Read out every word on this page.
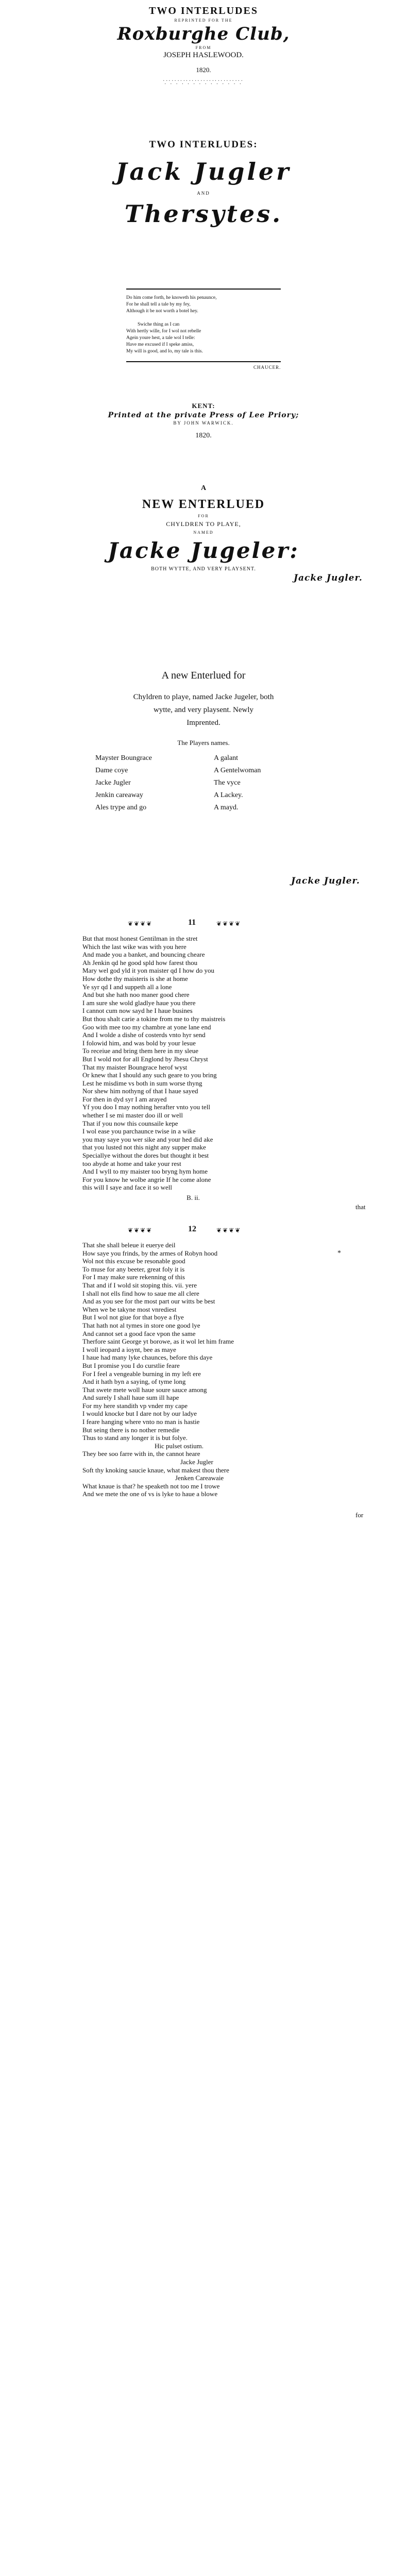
TWO INTERLUDES
REPRINTED FOR THE
Roxburghe Club,
FROM
JOSEPH HASLEWOOD.
1820.
⸪⸪⸪⸪⸪⸪⸪⸪⸪⸪⸪⸪⸪⸪
TWO INTERLUDES:
Jack Jugler
AND
Thersytes.
Do him come forth, he knoweth his penaunce,
For he shall tell a tale by my fey,
Although it be not worth a botel hey.

Swiche thing as I can
With hertly wille, for I wol not rebelle
Agein youre hest, a tale wol I telle:
Have me excused if I speke amiss,
My will is good, and lo, my tale is this.
CHAUCER.
KENT:
Printed at the private Press of Lee Priory;
BY JOHN WARWICK.
1820.
A
NEW ENTERLUED
FOR
CHYLDREN TO PLAYE,
NAMED
Jacke Jugeler:
BOTH WYTTE, AND VERY PLAYSENT.
Jacke Jugler.
A new Enterlued for
Chyldren to playe, named Jacke Jugeler, both
wytte, and very playsent. Newly
Imprented.
The Players names.
Mayster Boungrace	A galant
Dame coye	A Gentelwoman
Jacke Jugler	The vyce
Jenkin careaway	A Lackey.
Ales trype and go	A mayd.
Jacke Jugler.
❦❦❦❦	11	❦❦❦❦
But that most honest Gentilman in the stret
Which the last wike was with you here
And made you a banket, and bouncing cheare
Ah Jenkin qd he good spld how farest thou
Mary wel god yld it yon maister qd I how do you
How dothe thy maisteris is she at home
Ye syr qd I and suppeth all a lone
And but she hath noo maner good chere
I am sure she wold gladlye haue you there
I cannot cum now sayd he I haue busines
But thou shalt carie a tokine from me to thy maistreis
Goo with mee too my chambre at yone lane end
And I wolde a dishe of costerds vnto hyr send
I folowid him, and was bold by your lesue
To receiue and bring them here in my sleue
But I wold not for all Englond by Jhesu Chryst
That my maister Boungrace herof wyst
Or knew that I should any such geare to you bring
Lest he misdime vs both in sum worse thyng
Nor shew him nothyng of that I haue sayed
For then in dyd syr I am arayed
Yf you doo I may nothing herafter vnto you tell
whether I se mi master doo ill or well
That if you now this counsaile kepe
I wol ease you parchaunce twise in a wike
you may saye you wer sike and your hed did ake
that you lusted not this night any supper make
Speciallye without the dores but thought it best
too abyde at home and take your rest
And I wyll to my maister too bryng hym home
For you know he wolbe angrie If he come alone
this will I saye and face it so well
B. ii.
that
❦❦❦❦	12	❦❦❦❦
That she shall beleue it euerye deil
How saye you frinds, by the armes of Robyn hood
Wol not this excuse be resonable good
To muse for any beeter, great foly it is
For I may make sure rekenning of this
That and if I wold sit stoping this. vii. yere
I shall not ells find how to saue me all clere
And as you see for the most part our witts be best
When we be takyne most vnrediest
But I wol not giue for that boye a flye
That hath not al tymes in store one good lye
And cannot set a good face vpon the same
Therfore saint George yt borowe, as it wol let him frame
I woll ieopard a ioynt, bee as maye
I haue had many lyke chaunces, before this daye
But I promise you I do curstlie feare
For I feel a vengeable burning in my left ere
And it hath byn a saying, of tyme long
That swete mete woll haue soure sauce among
And surely I shall haue sum ill hape
For my here standith vp vnder my cape
I would knocke but I dare not by our ladye
I feare hanging where vnto no man is hastie
But seing there is no nother remedie
Thus to stand any longer it is but folye.
Hic pulset ostium.
They bee soo farre with in, the cannot heare
Jacke Jugler
Soft thy knoking saucie knaue, what makest thou there
Jenken Careawaie
What knaue is that? he speaketh not too me I trowe
And we mete the one of vs is lyke to haue a blowe
*
for
